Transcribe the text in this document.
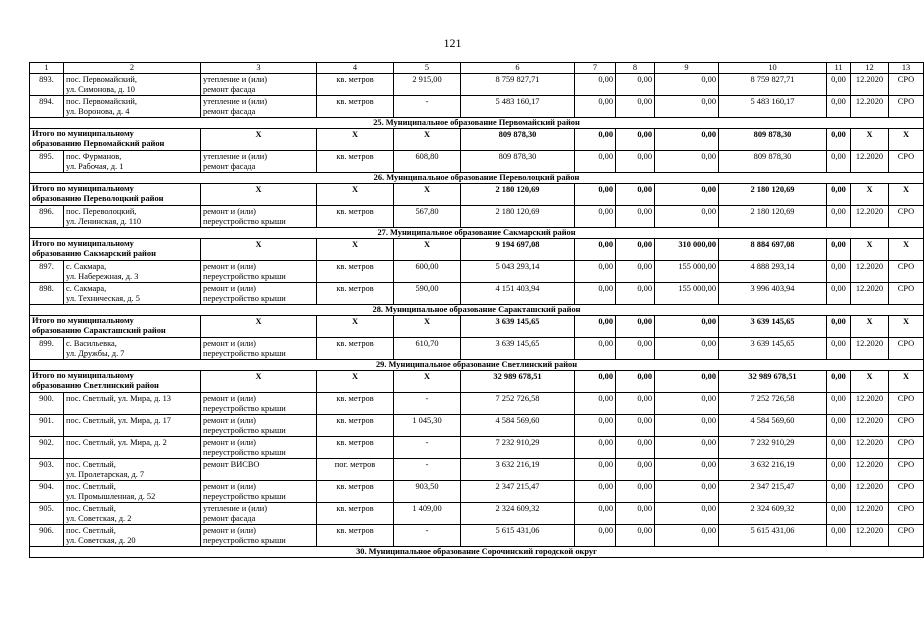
121
1	2	3	4	5	6	7	8	9	10	11	12	13
893.	пос. Первомайский,
ул. Симонова, д. 10	утепление и (или)
ремонт фасада	кв. метров	2 915,00	8 759 827,71	0,00	0,00	0,00	8 759 827,71	0,00	12.2020	СРО
894.	пос. Первомайский,
ул. Воронова, д. 4	утепление и (или)
ремонт фасада	кв. метров	-	5 483 160,17	0,00	0,00	0,00	5 483 160,17	0,00	12.2020	СРО
25. Муниципальное образование Первомайский район												
Итого по муниципальному
образованию Первомайский район		X	X	X	809 878,30	0,00	0,00	0,00	809 878,30	0,00	X	X
895.	пос. Фурманов,
ул. Рабочая, д. 1	утепление и (или)
ремонт фасада	кв. метров	608,80	809 878,30	0,00	0,00	0,00	809 878,30	0,00	12.2020	СРО
26. Муниципальное образование Переволоцкий район												
Итого по муниципальному
образованию Переволоцкий район		X	X	X	2 180 120,69	0,00	0,00	0,00	2 180 120,69	0,00	X	X
896.	пос. Переволоцкий,
ул. Ленинская, д. 110	ремонт и (или)
переустройство крыши	кв. метров	567,80	2 180 120,69	0,00	0,00	0,00	2 180 120,69	0,00	12.2020	СРО
27. Муниципальное образование Сакмарский район												
Итого по муниципальному
образованию Сакмарский район		X	X	X	9 194 697,08	0,00	0,00	310 000,00	8 884 697,08	0,00	X	X
897.	с. Сакмара,
ул. Набережная, д. 3	ремонт и (или)
переустройство крыши	кв. метров	600,00	5 043 293,14	0,00	0,00	155 000,00	4 888 293,14	0,00	12.2020	СРО
898.	с. Сакмара,
ул. Техническая, д. 5	ремонт и (или)
переустройство крыши	кв. метров	590,00	4 151 403,94	0,00	0,00	155 000,00	3 996 403,94	0,00	12.2020	СРО
28. Муниципальное образование Саракташский район												
Итого по муниципальному
образованию Саракташский район		X	X	X	3 639 145,65	0,00	0,00	0,00	3 639 145,65	0,00	X	X
899.	с. Васильевка,
ул. Дружбы, д. 7	ремонт и (или)
переустройство крыши	кв. метров	610,70	3 639 145,65	0,00	0,00	0,00	3 639 145,65	0,00	12.2020	СРО
29. Муниципальное образование Светлинский район												
Итого по муниципальному
образованию Светлинский район		X	X	X	32 989 678,51	0,00	0,00	0,00	32 989 678,51	0,00	X	X
900.	пос. Светлый, ул. Мира, д. 13	ремонт и (или)
переустройство крыши	кв. метров	-	7 252 726,58	0,00	0,00	0,00	7 252 726,58	0,00	12.2020	СРО
901.	пос. Светлый, ул. Мира, д. 17	ремонт и (или)
переустройство крыши	кв. метров	1 045,30	4 584 569,60	0,00	0,00	0,00	4 584 569,60	0,00	12.2020	СРО
902.	пос. Светлый, ул. Мира, д. 2	ремонт и (или)
переустройство крыши	кв. метров	-	7 232 910,29	0,00	0,00	0,00	7 232 910,29	0,00	12.2020	СРО
903.	пос. Светлый,
ул. Пролетарская, д. 7	ремонт ВИСВО	пог. метров	-	3 632 216,19	0,00	0,00	0,00	3 632 216,19	0,00	12.2020	СРО
904.	пос. Светлый,
ул. Промышленная, д. 52	ремонт и (или)
переустройство крыши	кв. метров	903,50	2 347 215,47	0,00	0,00	0,00	2 347 215,47	0,00	12.2020	СРО
905.	пос. Светлый,
ул. Советская, д. 2	утепление и (или)
ремонт фасада	кв. метров	1 409,00	2 324 609,32	0,00	0,00	0,00	2 324 609,32	0,00	12.2020	СРО
906.	пос. Светлый,
ул. Советская, д. 20	ремонт и (или)
переустройство крыши	кв. метров	-	5 615 431,06	0,00	0,00	0,00	5 615 431,06	0,00	12.2020	СРО
30. Муниципальное образование Сорочинский городской округ												
